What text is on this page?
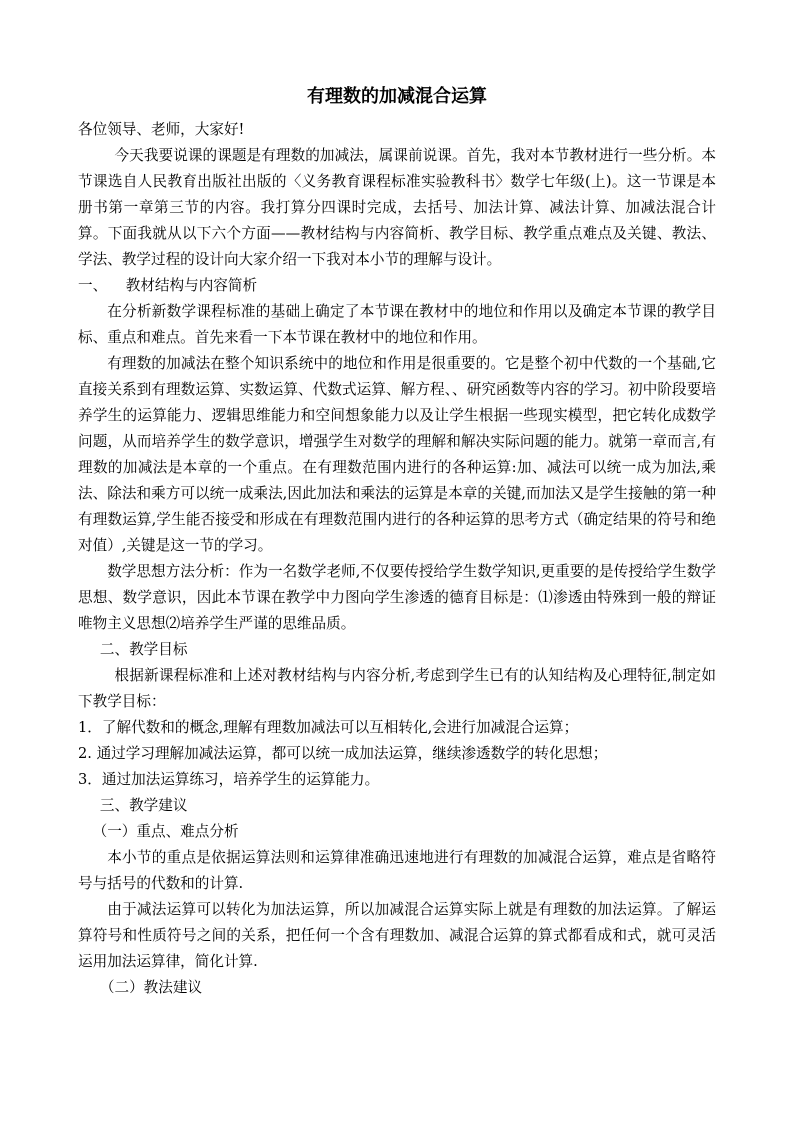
有理数的加减混合运算

各位领导、老师，大家好!

今天我要说课的课题是有理数的加减法，属课前说课。首先，我对本节教材进行一些分析。本节课选自人民教育出版社出版的〈义务教育课程标准实验教科书〉数学七年级(上)。这一节课是本册书第一章第三节的内容。我打算分四课时完成，去括号、加法计算、减法计算、加减法混合计算。下面我就从以下六个方面——教材结构与内容简析、教学目标、教学重点难点及关键、教法、学法、教学过程的设计向大家介绍一下我对本小节的理解与设计。

一、    教材结构与内容简析

在分析新数学课程标准的基础上确定了本节课在教材中的地位和作用以及确定本节课的教学目标、重点和难点。首先来看一下本节课在教材中的地位和作用。

有理数的加减法在整个知识系统中的地位和作用是很重要的。它是整个初中代数的一个基础,它直接关系到有理数运算、实数运算、代数式运算、解方程、、研究函数等内容的学习。初中阶段要培养学生的运算能力、逻辑思维能力和空间想象能力以及让学生根据一些现实模型，把它转化成数学问题，从而培养学生的数学意识，增强学生对数学的理解和解决实际问题的能力。就第一章而言,有理数的加减法是本章的一个重点。在有理数范围内进行的各种运算:加、减法可以统一成为加法,乘法、除法和乘方可以统一成乘法,因此加法和乘法的运算是本章的关键,而加法又是学生接触的第一种有理数运算,学生能否接受和形成在有理数范围内进行的各种运算的思考方式（确定结果的符号和绝对值）,关键是这一节的学习。

数学思想方法分析：作为一名数学老师,不仅要传授给学生数学知识,更重要的是传授给学生数学思想、数学意识，因此本节课在教学中力图向学生渗透的德育目标是：⑴渗透由特殊到一般的辩证唯物主义思想⑵培养学生严谨的思维品质。

二、教学目标

根据新课程标准和上述对教材结构与内容分析,考虑到学生已有的认知结构及心理特征,制定如下教学目标：

1．了解代数和的概念,理解有理数加减法可以互相转化,会进行加减混合运算；

2. 通过学习理解加减法运算，都可以统一成加法运算，继续渗透数学的转化思想；

3．通过加法运算练习，培养学生的运算能力。

三、教学建议

（一）重点、难点分析

本小节的重点是依据运算法则和运算律准确迅速地进行有理数的加减混合运算，难点是省略符号与括号的代数和的计算.

由于减法运算可以转化为加法运算，所以加减混合运算实际上就是有理数的加法运算。了解运算符号和性质符号之间的关系，把任何一个含有理数加、减混合运算的算式都看成和式，就可灵活运用加法运算律，简化计算.

（二）教法建议
